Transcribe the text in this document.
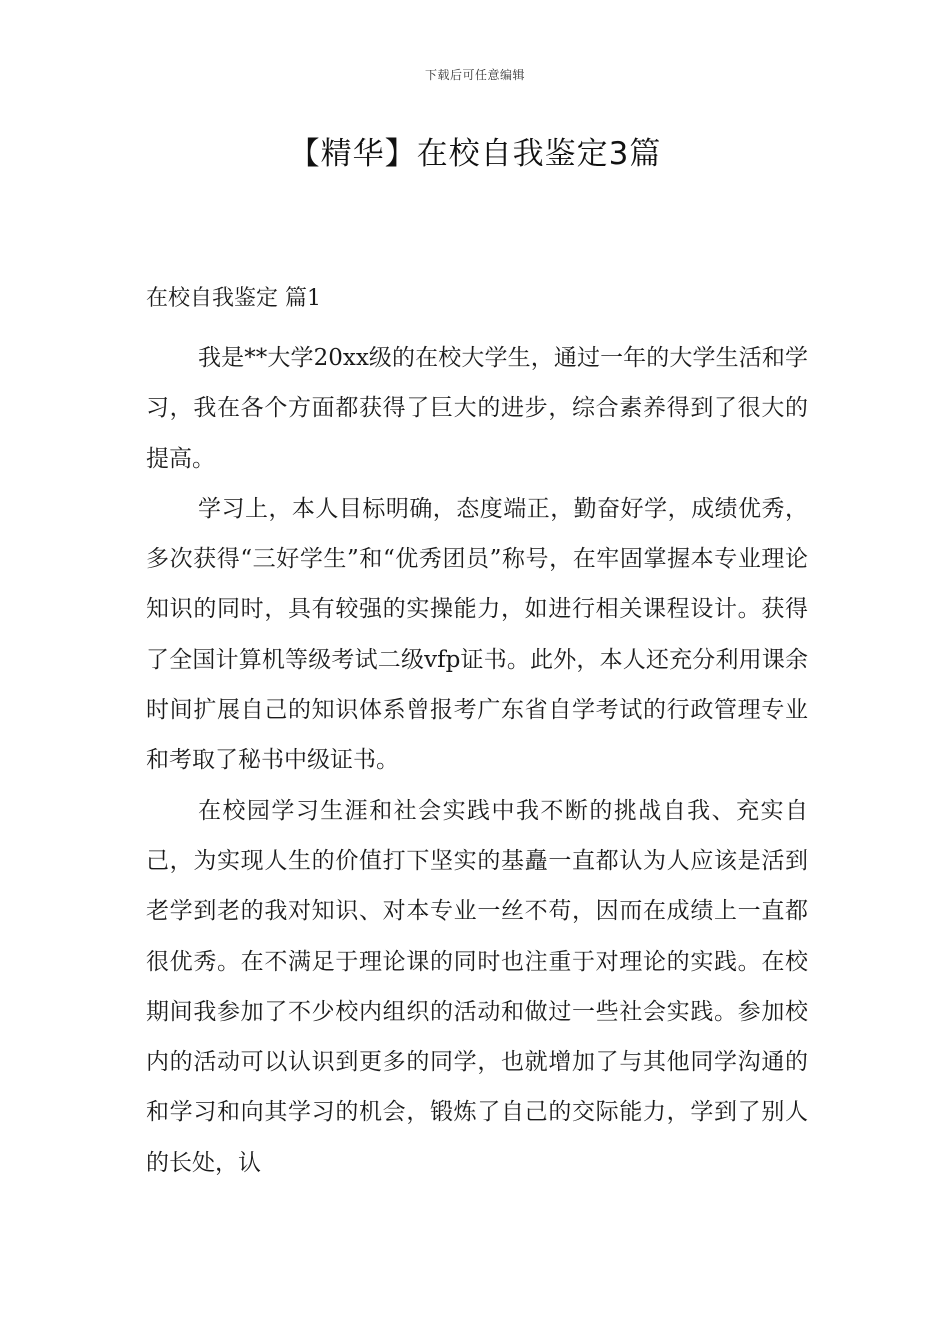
下载后可任意编辑
【精华】在校自我鉴定3篇
在校自我鉴定 篇1

我是**大学20xx级的在校大学生，通过一年的大学生活和学习，我在各个方面都获得了巨大的进步，综合素养得到了很大的提高。

学习上，本人目标明确，态度端正，勤奋好学，成绩优秀，多次获得“三好学生”和“优秀团员”称号，在牢固掌握本专业理论知识的同时，具有较强的实操能力，如进行相关课程设计。获得了全国计算机等级考试二级vfp证书。此外，本人还充分利用课余时间扩展自己的知识体系曾报考广东省自学考试的行政管理专业和考取了秘书中级证书。

在校园学习生涯和社会实践中我不断的挑战自我、充实自己，为实现人生的价值打下坚实的基矗一直都认为人应该是活到老学到老的我对知识、对本专业一丝不苟，因而在成绩上一直都很优秀。在不满足于理论课的同时也注重于对理论的实践。在校期间我参加了不少校内组织的活动和做过一些社会实践。参加校内的活动可以认识到更多的同学，也就增加了与其他同学沟通的和学习和向其学习的机会，锻炼了自己的交际能力，学到了别人的长处，认
